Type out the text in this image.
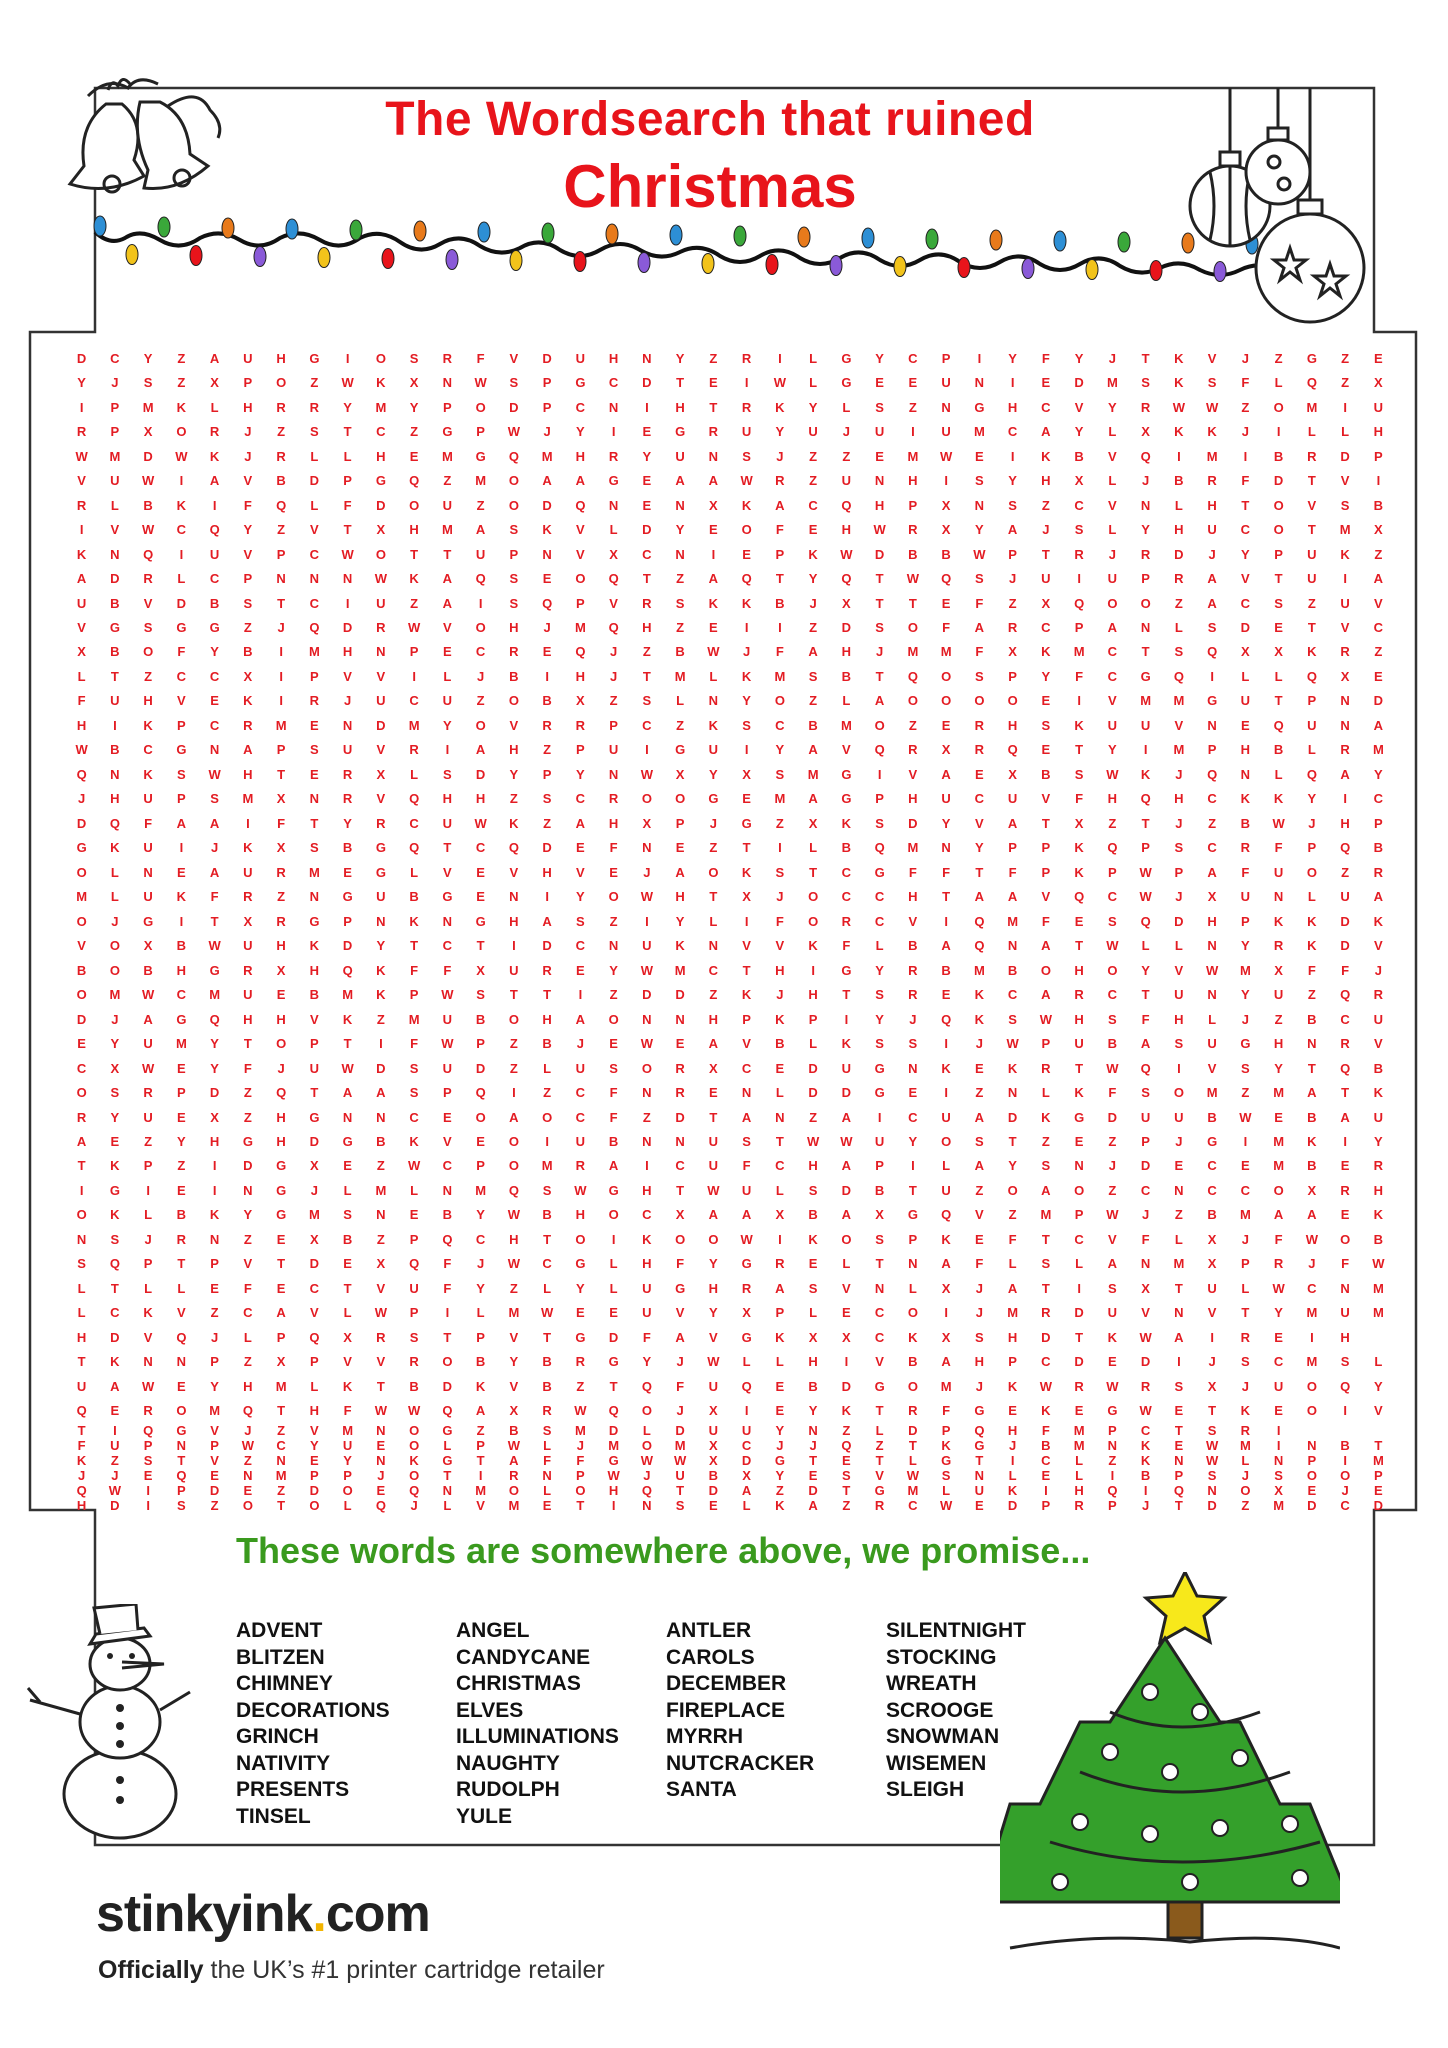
The Wordsearch that ruined
Christmas
D	C	Y	Z	A	U	H	G	I	O	S	R	F	V	D	U	H	N	Y	Z	R	I	L	G	Y	C	P	I	Y	F	Y	J	T	K	V	J	Z	G	Z	E
Y	J	S	Z	X	P	O	Z	W	K	X	N	W	S	P	G	C	D	T	E	I	W	L	G	E	E	U	N	I	E	D	M	S	K	S	F	L	Q	Z	X
I	P	M	K	L	H	R	R	Y	M	Y	P	O	D	P	C	N	I	H	T	R	K	Y	L	S	Z	N	G	H	C	V	Y	R	W	W	Z	O	M	I	U
R	P	X	O	R	J	Z	S	T	C	Z	G	P	W	J	Y	I	E	G	R	U	Y	U	J	U	I	U	M	C	A	Y	L	X	K	K	J	I	L	L	H
W	M	D	W	K	J	R	L	L	H	E	M	G	Q	M	H	R	Y	U	N	S	J	Z	Z	E	M	W	E	I	K	B	V	Q	I	M	I	B	R	D	P
V	U	W	I	A	V	B	D	P	G	Q	Z	M	O	A	A	G	E	A	A	W	R	Z	U	N	H	I	S	Y	H	X	L	J	B	R	F	D	T	V	I
R	L	B	K	I	F	Q	L	F	D	O	U	Z	O	D	Q	N	E	N	X	K	A	C	Q	H	P	X	N	S	Z	C	V	N	L	H	T	O	V	S	B
I	V	W	C	Q	Y	Z	V	T	X	H	M	A	S	K	V	L	D	Y	E	O	F	E	H	W	R	X	Y	A	J	S	L	Y	H	U	C	O	T	M	X
K	N	Q	I	U	V	P	C	W	O	T	T	U	P	N	V	X	C	N	I	E	P	K	W	D	B	B	W	P	T	R	J	R	D	J	Y	P	U	K	Z
A	D	R	L	C	P	N	N	N	W	K	A	Q	S	E	O	Q	T	Z	A	Q	T	Y	Q	T	W	Q	S	J	U	I	U	P	R	A	V	T	U	I	A
U	B	V	D	B	S	T	C	I	U	Z	A	I	S	Q	P	V	R	S	K	K	B	J	X	T	T	E	F	Z	X	Q	O	O	Z	A	C	S	Z	U	V
V	G	S	G	G	Z	J	Q	D	R	W	V	O	H	J	M	Q	H	Z	E	I	I	Z	D	S	O	F	A	R	C	P	A	N	L	S	D	E	T	V	C
X	B	O	F	Y	B	I	M	H	N	P	E	C	R	E	Q	J	Z	B	W	J	F	A	H	J	M	M	F	X	K	M	C	T	S	Q	X	X	K	R	Z
L	T	Z	C	C	X	I	P	V	V	I	L	J	B	I	H	J	T	M	L	K	M	S	B	T	Q	O	S	P	Y	F	C	G	Q	I	L	L	Q	X	E
F	U	H	V	E	K	I	R	J	U	C	U	Z	O	B	X	Z	S	L	N	Y	O	Z	L	A	O	O	O	O	E	I	V	M	M	G	U	T	P	N	D
H	I	K	P	C	R	M	E	N	D	M	Y	O	V	R	R	P	C	Z	K	S	C	B	M	O	Z	E	R	H	S	K	U	U	V	N	E	Q	U	N	A
W	B	C	G	N	A	P	S	U	V	R	I	A	H	Z	P	U	I	G	U	I	Y	A	V	Q	R	X	R	Q	E	T	Y	I	M	P	H	B	L	R	M
Q	N	K	S	W	H	T	E	R	X	L	S	D	Y	P	Y	N	W	X	Y	X	S	M	G	I	V	A	E	X	B	S	W	K	J	Q	N	L	Q	A	Y
J	H	U	P	S	M	X	N	R	V	Q	H	H	Z	S	C	R	O	O	G	E	M	A	G	P	H	U	C	U	V	F	H	Q	H	C	K	K	Y	I	C
D	Q	F	A	A	I	F	T	Y	R	C	U	W	K	Z	A	H	X	P	J	G	Z	X	K	S	D	Y	V	A	T	X	Z	T	J	Z	B	W	J	H	P
G	K	U	I	J	K	X	S	B	G	Q	T	C	Q	D	E	F	N	E	Z	T	I	L	B	Q	M	N	Y	P	P	K	Q	P	S	C	R	F	P	Q	B
O	L	N	E	A	U	R	M	E	G	L	V	E	V	H	V	E	J	A	O	K	S	T	C	G	F	F	T	F	P	K	P	W	P	A	F	U	O	Z	R
M	L	U	K	F	R	Z	N	G	U	B	G	E	N	I	Y	O	W	H	T	X	J	O	C	C	H	T	A	A	V	Q	C	W	J	X	U	N	L	U	A
O	J	G	I	T	X	R	G	P	N	K	N	G	H	A	S	Z	I	Y	L	I	F	O	R	C	V	I	Q	M	F	E	S	Q	D	H	P	K	K	D	K
V	O	X	B	W	U	H	K	D	Y	T	C	T	I	D	C	N	U	K	N	V	V	K	F	L	B	A	Q	N	A	T	W	L	L	N	Y	R	K	D	V
B	O	B	H	G	R	X	H	Q	K	F	F	X	U	R	E	Y	W	M	C	T	H	I	G	Y	R	B	M	B	O	H	O	Y	V	W	M	X	F	F	J
O	M	W	C	M	U	E	B	M	K	P	W	S	T	T	I	Z	D	D	Z	K	J	H	T	S	R	E	K	C	A	R	C	T	U	N	Y	U	Z	Q	R
D	J	A	G	Q	H	H	V	K	Z	M	U	B	O	H	A	O	N	N	H	P	K	P	I	Y	J	Q	K	S	W	H	S	F	H	L	J	Z	B	C	U
E	Y	U	M	Y	T	O	P	T	I	F	W	P	Z	B	J	E	W	E	A	V	B	L	K	S	S	I	J	W	P	U	B	A	S	U	G	H	N	R	V
C	X	W	E	Y	F	J	U	W	D	S	U	D	Z	L	U	S	O	R	X	C	E	D	U	G	N	K	E	K	R	T	W	Q	I	V	S	Y	T	Q	B
O	S	R	P	D	Z	Q	T	A	A	S	P	Q	I	Z	C	F	N	R	E	N	L	D	D	G	E	I	Z	N	L	K	F	S	O	M	Z	M	A	T	K
R	Y	U	E	X	Z	H	G	N	N	C	E	O	A	O	C	F	Z	D	T	A	N	Z	A	I	C	U	A	D	K	G	D	U	U	B	W	E	B	A	U
A	E	Z	Y	H	G	H	D	G	B	K	V	E	O	I	U	B	N	N	U	S	T	W	W	U	Y	O	S	T	Z	E	Z	P	J	G	I	M	K	I	Y
T	K	P	Z	I	D	G	X	E	Z	W	C	P	O	M	R	A	I	C	U	F	C	H	A	P	I	L	A	Y	S	N	J	D	E	C	E	M	B	E	R
I	G	I	E	I	N	G	J	L	M	L	N	M	Q	S	W	G	H	T	W	U	L	S	D	B	T	U	Z	O	A	O	Z	C	N	C	C	O	X	R	H
O	K	L	B	K	Y	G	M	S	N	E	B	Y	W	B	H	O	C	X	A	A	X	B	A	X	G	Q	V	Z	M	P	W	J	Z	B	M	A	A	E	K
N	S	J	R	N	Z	E	X	B	Z	P	Q	C	H	T	O	I	K	O	O	W	I	K	O	S	P	K	E	F	T	C	V	F	L	X	J	F	W	O	B
S	Q	P	T	P	V	T	D	E	X	Q	F	J	W	C	G	L	H	F	Y	G	R	E	L	T	N	A	F	L	S	L	A	N	M	X	P	R	J	F	W
L	T	L	L	E	F	E	C	T	V	U	F	Y	Z	L	Y	L	U	G	H	R	A	S	V	N	L	X	J	A	T	I	S	X	T	U	L	W	C	N	M
L	C	K	V	Z	C	A	V	L	W	P	I	L	M	W	E	E	U	V	Y	X	P	L	E	C	O	I	J	M	R	D	U	V	N	V	T	Y	M	U	M
H	D	V	Q	J	L	P	Q	X	R	S	T	P	V	T	G	D	F	A	V	G	K	X	X	C	K	X	S	H	D	T	K	W	A	I	R	E	I	H
T	K	N	N	P	Z	X	P	V	V	R	O	B	Y	B	R	G	Y	J	W	L	L	H	I	V	B	A	H	P	C	D	E	D	I	J	S	C	M	S	L
U	A	W	E	Y	H	M	L	K	T	B	D	K	V	B	Z	T	Q	F	U	Q	E	B	D	G	O	M	J	K	W	R	W	R	S	X	J	U	O	Q	Y
Q	E	R	O	M	Q	T	H	F	W	W	Q	A	X	R	W	Q	O	J	X	I	E	Y	K	T	R	F	G	E	K	E	G	W	E	T	K	E	O	I	V
T	I	Q	G	V	J	Z	V	M	N	O	G	Z	B	S	M	D	L	D	U	U	Y	N	Z	L	D	P	Q	H	F	M	P	C	T	S	R	I
F	U	P	N	P	W	C	Y	U	E	O	L	P	W	L	J	M	O	M	X	C	J	J	Q	Z	T	K	G	J	B	M	N	K	E	W	M	I	N	B	T
K	Z	S	T	V	Z	N	E	Y	N	K	G	T	A	F	F	G	W	W	X	D	G	T	E	T	L	G	T	I	C	L	Z	K	N	W	L	N	P	I	M
J	J	E	Q	E	N	M	P	P	J	O	T	I	R	N	P	W	J	U	B	X	Y	E	S	V	W	S	N	L	E	L	I	B	P	S	J	S	O	O	P
Q	W	I	P	D	E	Z	D	O	E	Q	N	M	O	L	O	H	Q	T	D	A	Z	D	T	G	M	L	U	K	I	H	Q	I	Q	N	O	X	E	J	E
H	D	I	S	Z	O	T	O	L	Q	J	L	V	M	E	T	I	N	S	E	L	K	A	Z	R	C	W	E	D	P	R	P	J	T	D	Z	M	D	C	D
These words are somewhere above, we promise...
ADVENT
BLITZEN
CHIMNEY
DECORATIONS
GRINCH
NATIVITY
PRESENTS
TINSEL
ANGEL
CANDYCANE
CHRISTMAS
ELVES
ILLUMINATIONS
NAUGHTY
RUDOLPH
YULE
ANTLER
CAROLS
DECEMBER
FIREPLACE
MYRRH
NUTCRACKER
SANTA
SILENTNIGHT
STOCKING
WREATH
SCROOGE
SNOWMAN
WISEMEN
SLEIGH
stinkyink.com
Officially the UK’s #1 printer cartridge retailer
